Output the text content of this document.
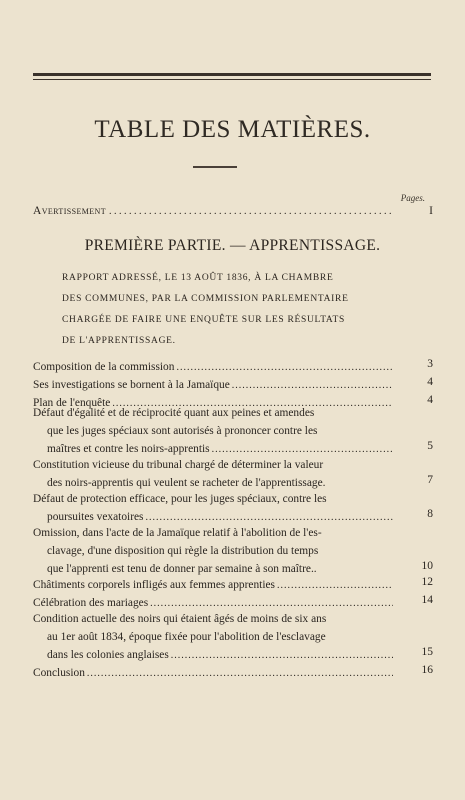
TABLE DES MATIÈRES.
Pages.
Avertissement . . .	I
PREMIÈRE PARTIE. — APPRENTISSAGE.
RAPPORT ADRESSÉ, LE 13 AOÛT 1836, À LA CHAMBRE
DES COMMUNES, PAR LA COMMISSION PARLEMENTAIRE
CHARGÉE DE FAIRE UNE ENQUÊTE SUR LES RÉSULTATS
DE L'APPRENTISSAGE.
Composition de la commission .....	3
Ses investigations se bornent à la Jamaïque .....	4
Plan de l'enquête .....	4
Défaut d'égalité et de réciprocité quant aux peines et amendes
que les juges spéciaux sont autorisés à prononcer contre les
maîtres et contre les noirs-apprentis .....	5
Constitution vicieuse du tribunal chargé de déterminer la valeur
des noirs-apprentis qui veulent se racheter de l'apprentissage.	7
Défaut de protection efficace, pour les juges spéciaux, contre les
poursuites vexatoires .....	8
Omission, dans l'acte de la Jamaïque relatif à l'abolition de l'es-
clavage, d'une disposition qui règle la distribution du temps
que l'apprenti est tenu de donner par semaine à son maître..	10
Châtiments corporels infligés aux femmes apprenties .....	12
Célébration des mariages .....	14
Condition actuelle des noirs qui étaient âgés de moins de six ans
au 1er août 1834, époque fixée pour l'abolition de l'esclavage
dans les colonies anglaises .....	15
Conclusion .....	16
